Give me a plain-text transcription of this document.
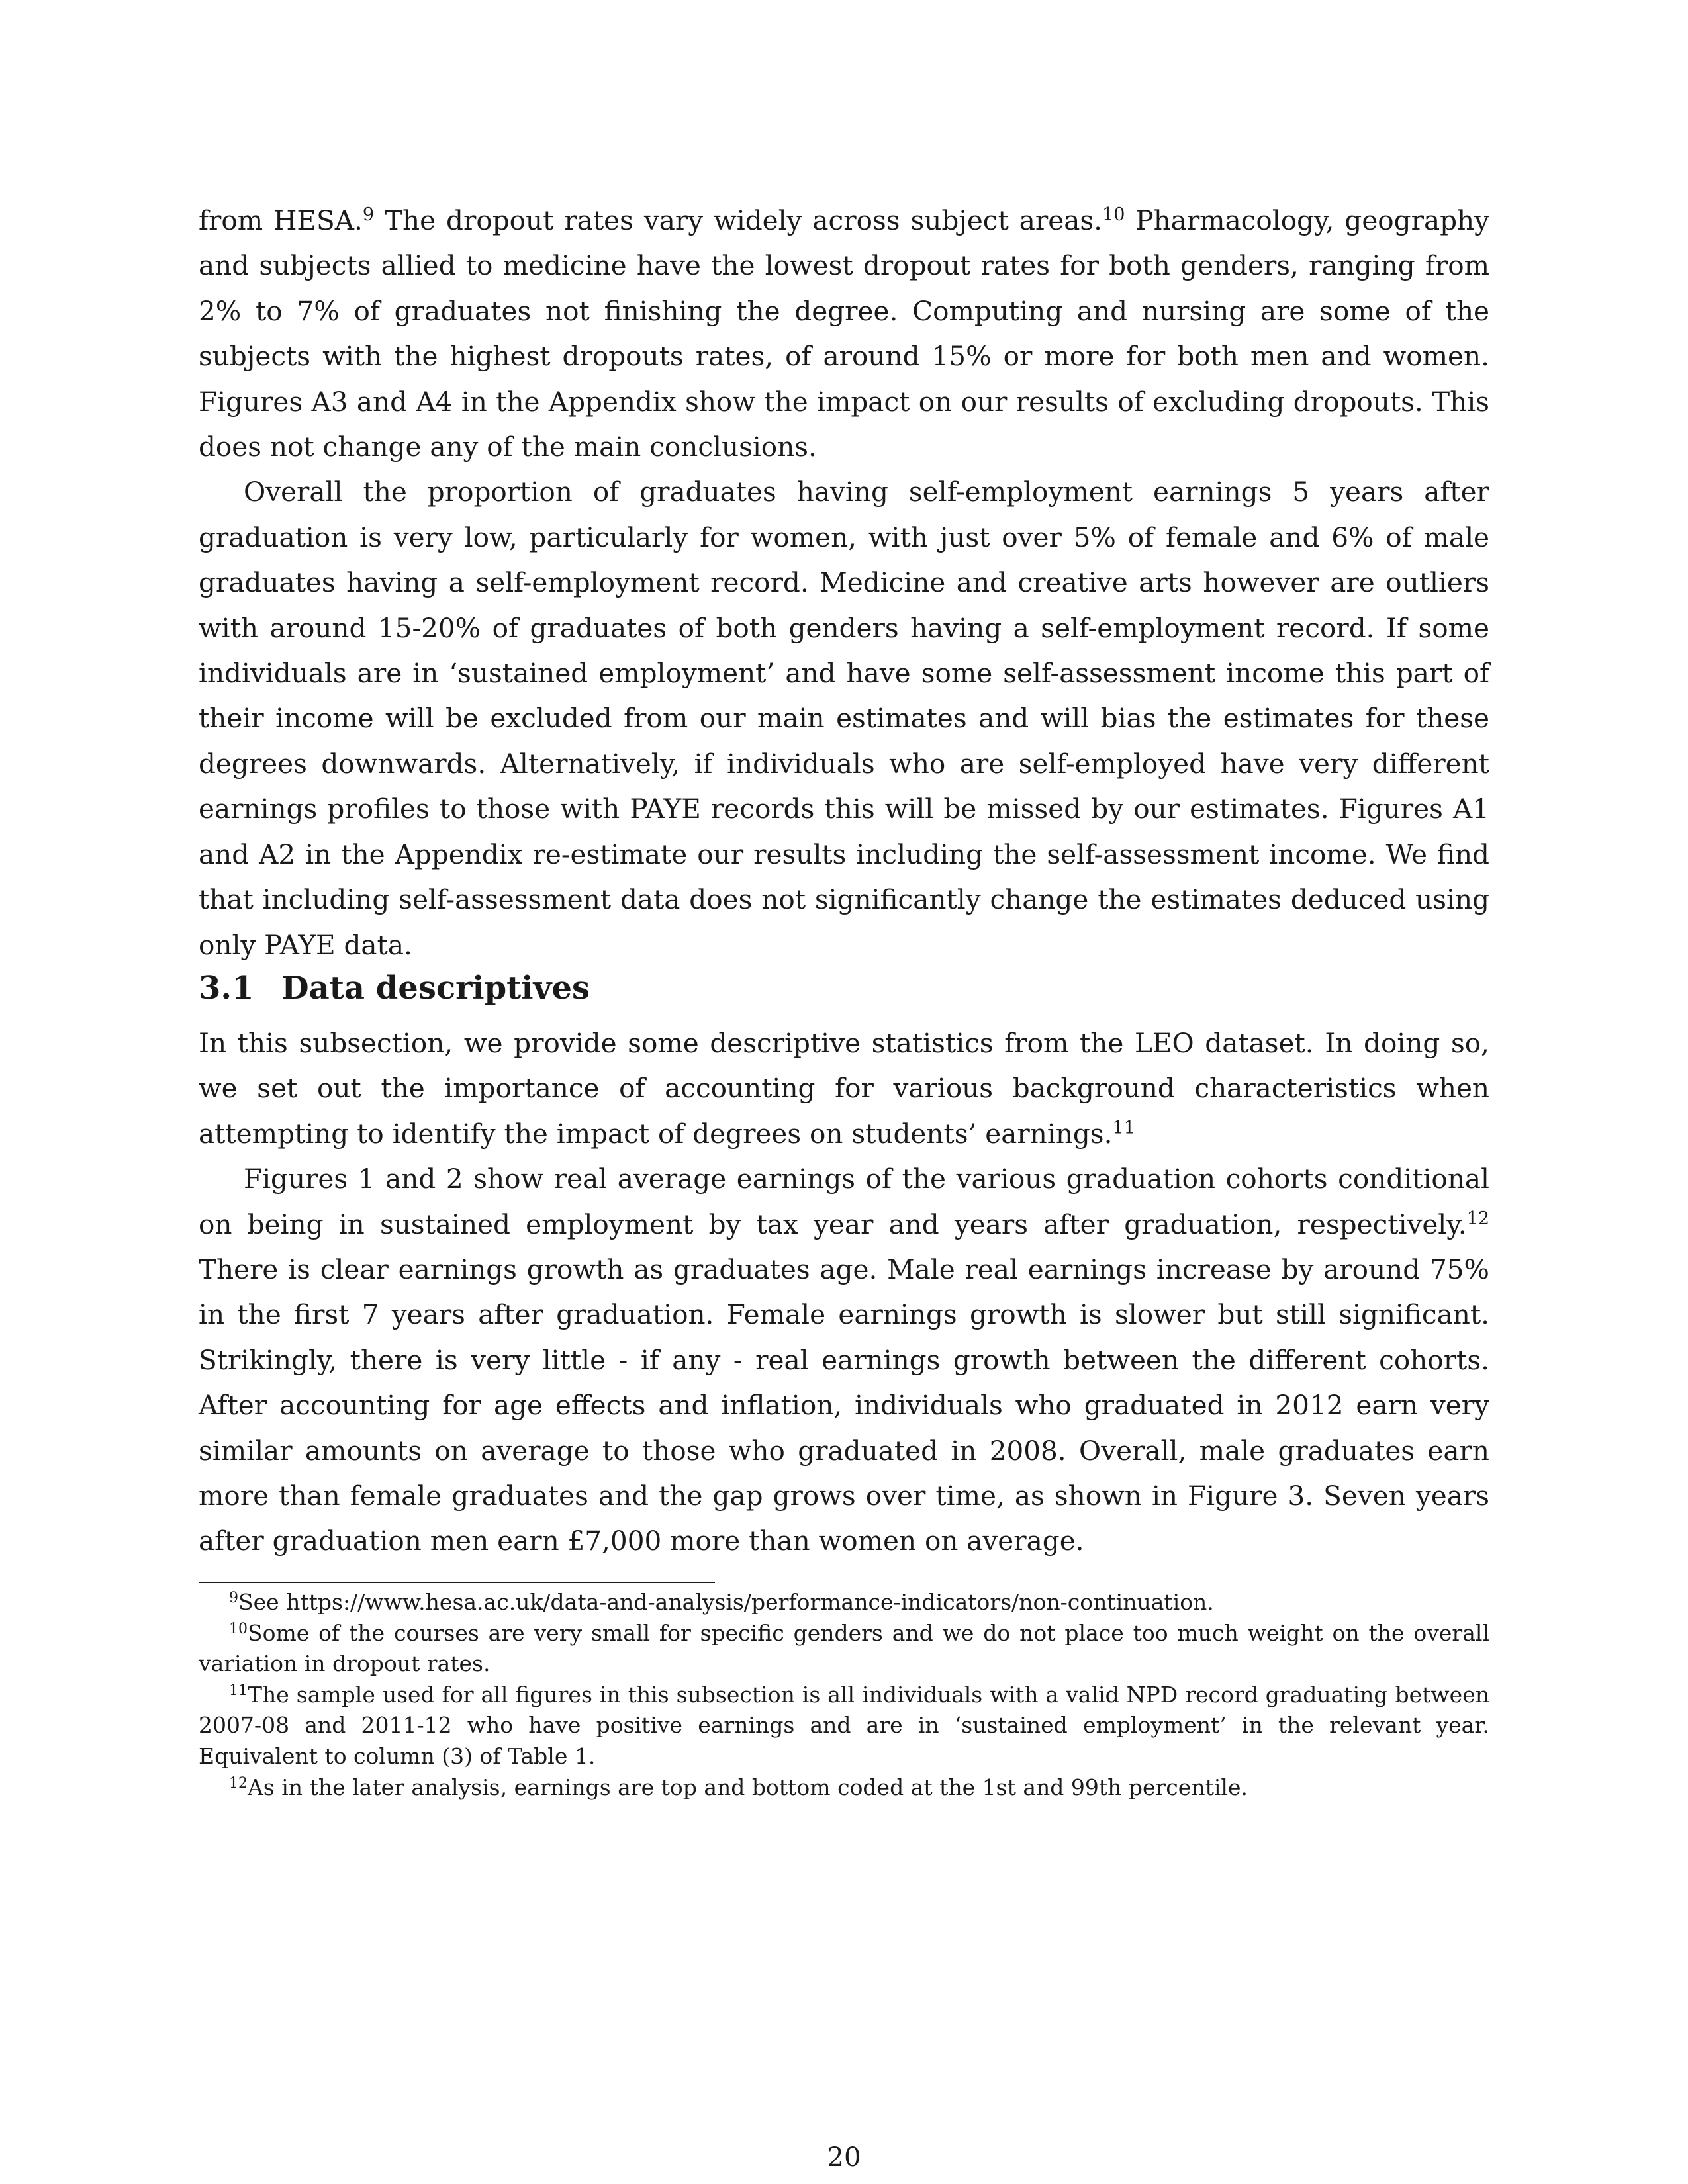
from HESA.$^9$ The dropout rates vary widely across subject areas.$^{10}$ Pharmacology, geography and subjects allied to medicine have the lowest dropout rates for both genders, ranging from 2% to 7% of graduates not finishing the degree. Computing and nursing are some of the subjects with the highest dropouts rates, of around 15% or more for both men and women. Figures A3 and A4 in the Appendix show the impact on our results of excluding dropouts. This does not change any of the main conclusions.

Overall the proportion of graduates having self-employment earnings 5 years after graduation is very low, particularly for women, with just over 5% of female and 6% of male graduates having a self-employment record. Medicine and creative arts however are outliers with around 15-20% of graduates of both genders having a self-employment record. If some individuals are in ‘sustained employment’ and have some self-assessment income this part of their income will be excluded from our main estimates and will bias the estimates for these degrees downwards. Alternatively, if individuals who are self-employed have very different earnings profiles to those with PAYE records this will be missed by our estimates. Figures A1 and A2 in the Appendix re-estimate our results including the self-assessment income. We find that including self-assessment data does not significantly change the estimates deduced using only PAYE data.

3.1 Data descriptives

In this subsection, we provide some descriptive statistics from the LEO dataset. In doing so, we set out the importance of accounting for various background characteristics when attempting to identify the impact of degrees on students’ earnings.$^{11}$

Figures 1 and 2 show real average earnings of the various graduation cohorts conditional on being in sustained employment by tax year and years after graduation, respectively.$^{12}$ There is clear earnings growth as graduates age. Male real earnings increase by around 75% in the first 7 years after graduation. Female earnings growth is slower but still significant. Strikingly, there is very little - if any - real earnings growth between the different cohorts. After accounting for age effects and inflation, individuals who graduated in 2012 earn very similar amounts on average to those who graduated in 2008. Overall, male graduates earn more than female graduates and the gap grows over time, as shown in Figure 3. Seven years after graduation men earn £7,000 more than women on average.

$^9$See https://www.hesa.ac.uk/data-and-analysis/performance-indicators/non-continuation.

$^{10}$Some of the courses are very small for specific genders and we do not place too much weight on the overall variation in dropout rates.

$^{11}$The sample used for all figures in this subsection is all individuals with a valid NPD record graduating between 2007-08 and 2011-12 who have positive earnings and are in ‘sustained employment’ in the relevant year. Equivalent to column (3) of Table 1.

$^{12}$As in the later analysis, earnings are top and bottom coded at the 1st and 99th percentile.

20
